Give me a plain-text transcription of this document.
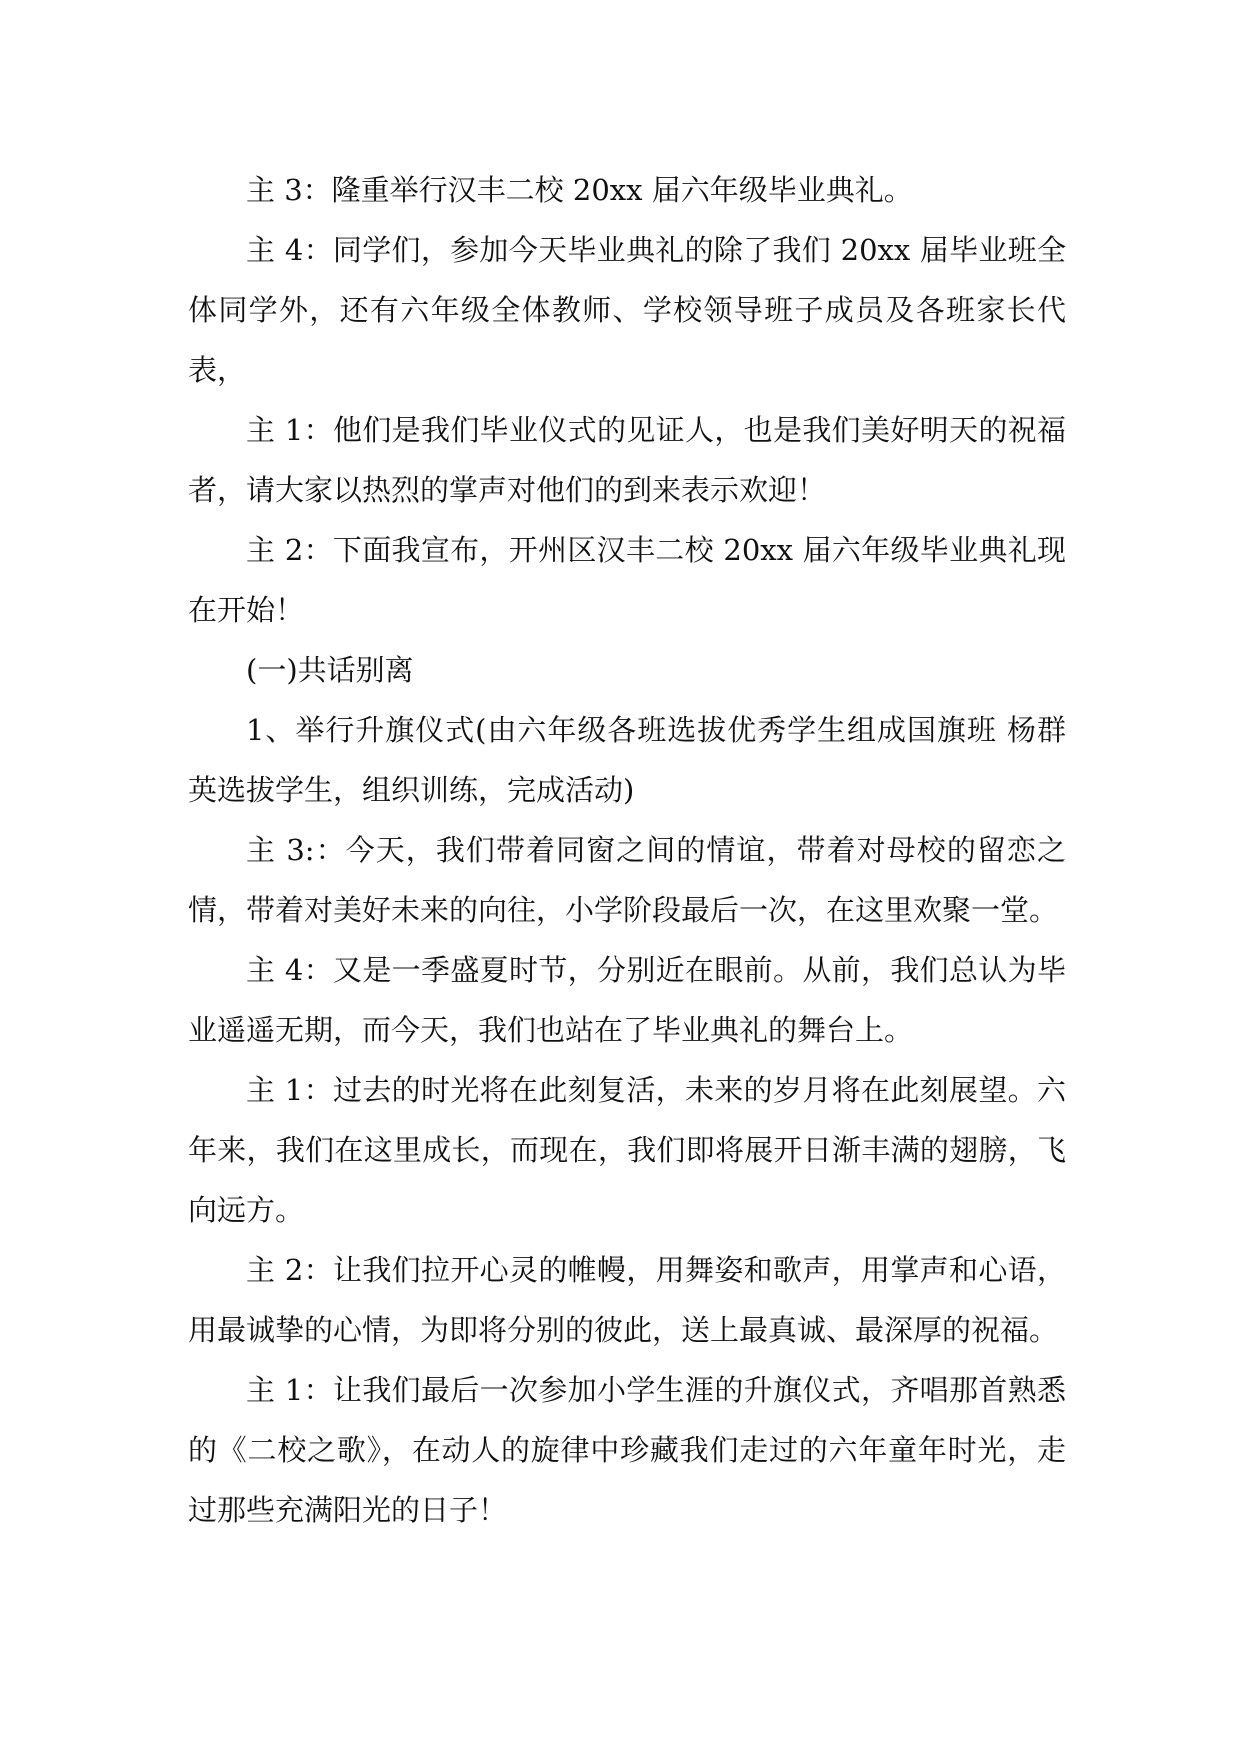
主 3：隆重举行汉丰二校 20xx 届六年级毕业典礼。

主 4：同学们，参加今天毕业典礼的除了我们 20xx 届毕业班全体同学外，还有六年级全体教师、学校领导班子成员及各班家长代表，

主 1：他们是我们毕业仪式的见证人，也是我们美好明天的祝福者，请大家以热烈的掌声对他们的到来表示欢迎！

主 2：下面我宣布，开州区汉丰二校 20xx 届六年级毕业典礼现在开始！

(一)共话别离

1、举行升旗仪式(由六年级各班选拔优秀学生组成国旗班 杨群英选拔学生，组织训练，完成活动)

主 3:：今天，我们带着同窗之间的情谊，带着对母校的留恋之情，带着对美好未来的向往，小学阶段最后一次，在这里欢聚一堂。

主 4：又是一季盛夏时节，分别近在眼前。从前，我们总认为毕业遥遥无期，而今天，我们也站在了毕业典礼的舞台上。

主 1：过去的时光将在此刻复活，未来的岁月将在此刻展望。六年来，我们在这里成长，而现在，我们即将展开日渐丰满的翅膀，飞向远方。

主 2：让我们拉开心灵的帷幔，用舞姿和歌声，用掌声和心语，用最诚挚的心情，为即将分别的彼此，送上最真诚、最深厚的祝福。

主 1：让我们最后一次参加小学生涯的升旗仪式，齐唱那首熟悉的《二校之歌》，在动人的旋律中珍藏我们走过的六年童年时光，走过那些充满阳光的日子！
